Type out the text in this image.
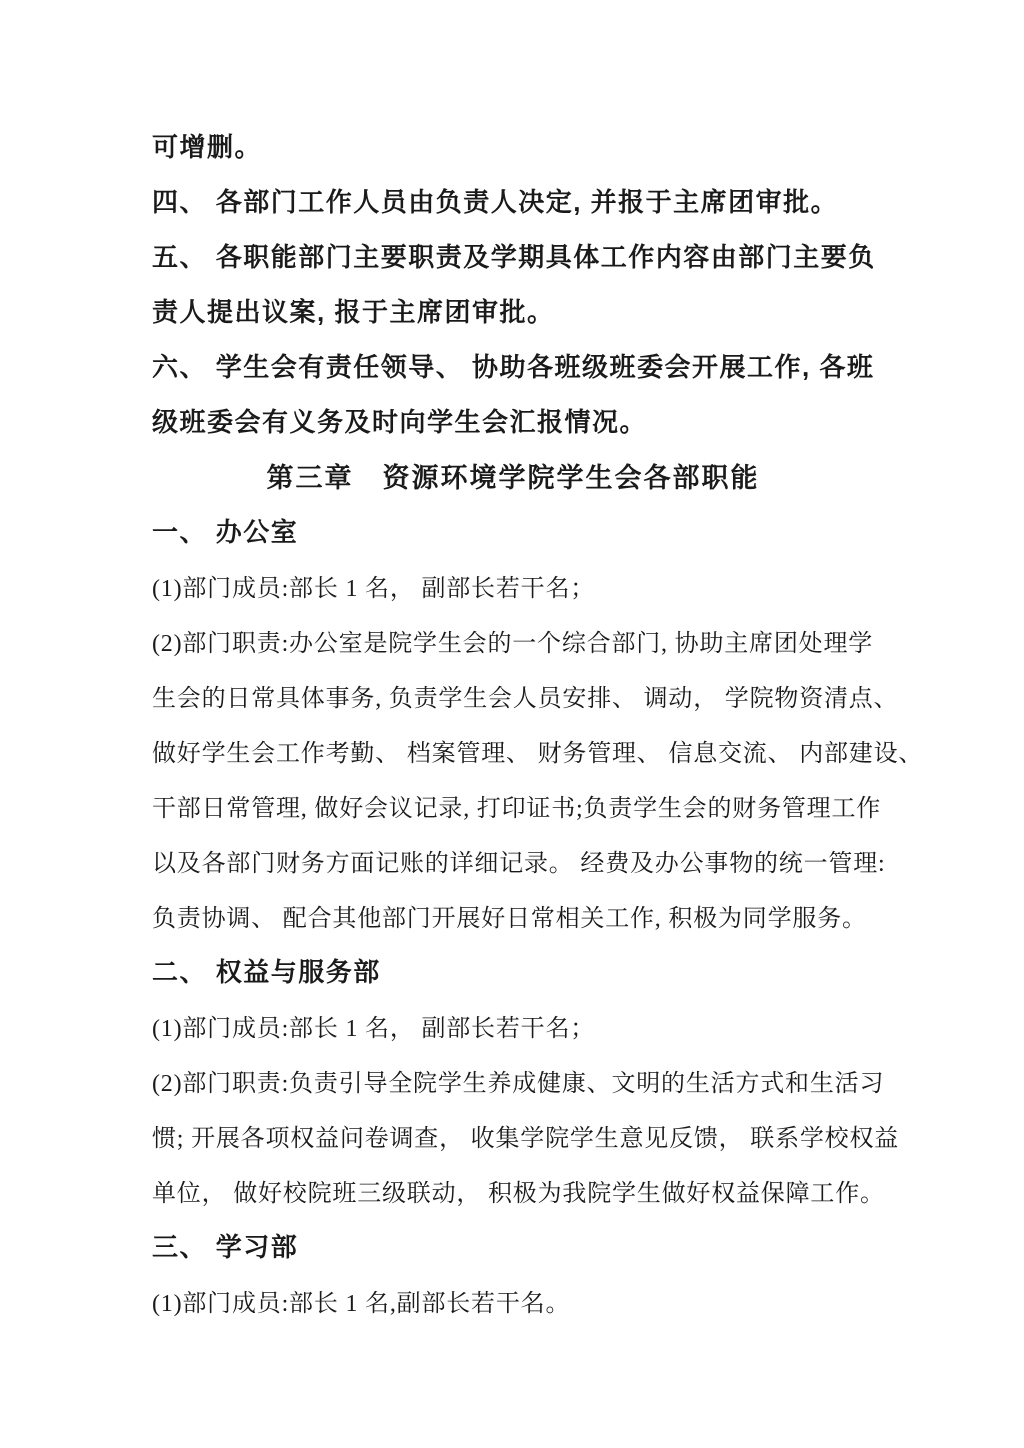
可增删。
四、 各部门工作人员由负责人决定, 并报于主席团审批。
五、 各职能部门主要职责及学期具体工作内容由部门主要负
责人提出议案, 报于主席团审批。
六、 学生会有责任领导、 协助各班级班委会开展工作, 各班
级班委会有义务及时向学生会汇报情况。
第三章　资源环境学院学生会各部职能
一、 办公室
(1)部门成员:部长 1 名， 副部长若干名；
(2)部门职责:办公室是院学生会的一个综合部门, 协助主席团处理学
生会的日常具体事务, 负责学生会人员安排、 调动， 学院物资清点、
做好学生会工作考勤、 档案管理、 财务管理、 信息交流、 内部建设、
干部日常管理, 做好会议记录, 打印证书;负责学生会的财务管理工作
以及各部门财务方面记账的详细记录。 经费及办公事物的统一管理:
负责协调、 配合其他部门开展好日常相关工作, 积极为同学服务。
二、 权益与服务部
(1)部门成员:部长 1 名， 副部长若干名；
(2)部门职责:负责引导全院学生养成健康、文明的生活方式和生活习
惯; 开展各项权益问卷调查， 收集学院学生意见反馈， 联系学校权益
单位， 做好校院班三级联动， 积极为我院学生做好权益保障工作。
三、 学习部
(1)部门成员:部长 1 名,副部长若干名。
